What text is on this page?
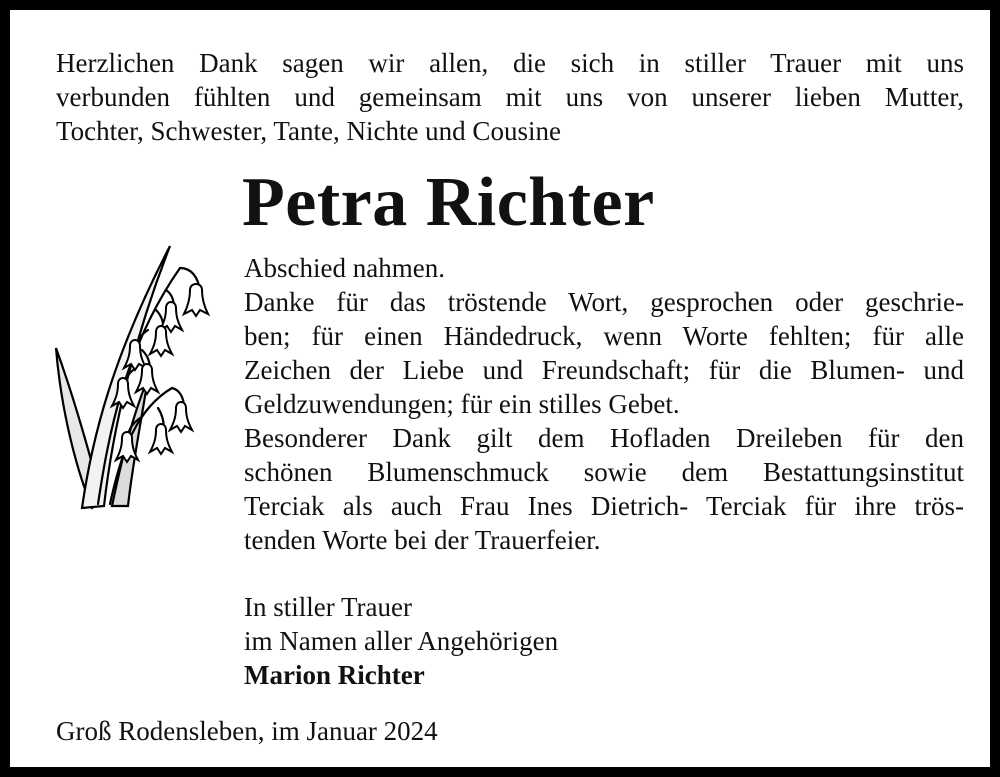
Herzlichen Dank sagen wir allen, die sich in stiller Trauer mit uns

verbunden fühlten und gemeinsam mit uns von unserer lieben Mutter,

Tochter, Schwester, Tante, Nichte und Cousine

Petra Richter

Abschied nahmen.

Danke für das tröstende Wort, gesprochen oder geschrie-

ben; für einen Händedruck, wenn Worte fehlten; für alle

Zeichen der Liebe und Freundschaft; für die Blumen- und

Geldzuwendungen; für ein stilles Gebet.

Besonderer Dank gilt dem Hofladen Dreileben für den

schönen Blumenschmuck sowie dem Bestattungsinstitut

Terciak als auch Frau Ines Dietrich- Terciak für ihre trös-

tenden Worte bei der Trauerfeier.

In stiller Trauer

im Namen aller Angehörigen

Marion Richter

Groß Rodensleben, im Januar 2024
